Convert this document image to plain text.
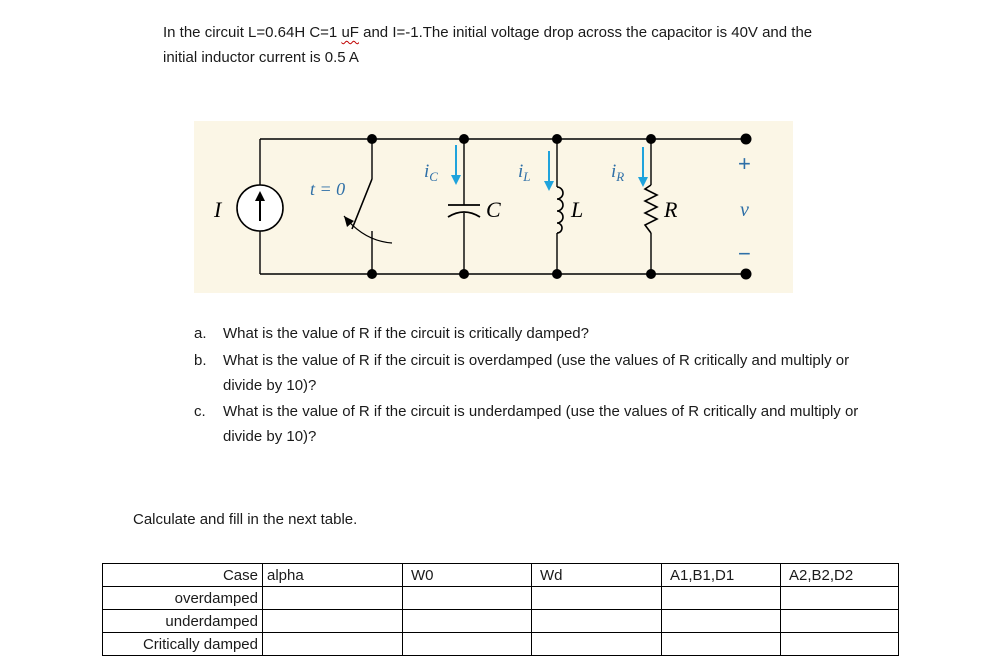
In the circuit L=0.64H C=1 uF and I=-1.The initial voltage drop across the capacitor is 40V and the
initial inductor current is 0.5 A
I
t = 0
C	L	R
$i_C$	$i_L$	$i_R$
+
v
−
a. What is the value of R if the circuit is critically damped?
b. What is the value of R if the circuit is overdamped (use the values of R critically and multiply or divide by 10)?
c. What is the value of R if the circuit is underdamped (use the values of R critically and multiply or divide by 10)?
Calculate and fill in the next table.
Case	alpha	W0	Wd	A1,B1,D1	A2,B2,D2
overdamped					
underdamped					
Critically damped					
